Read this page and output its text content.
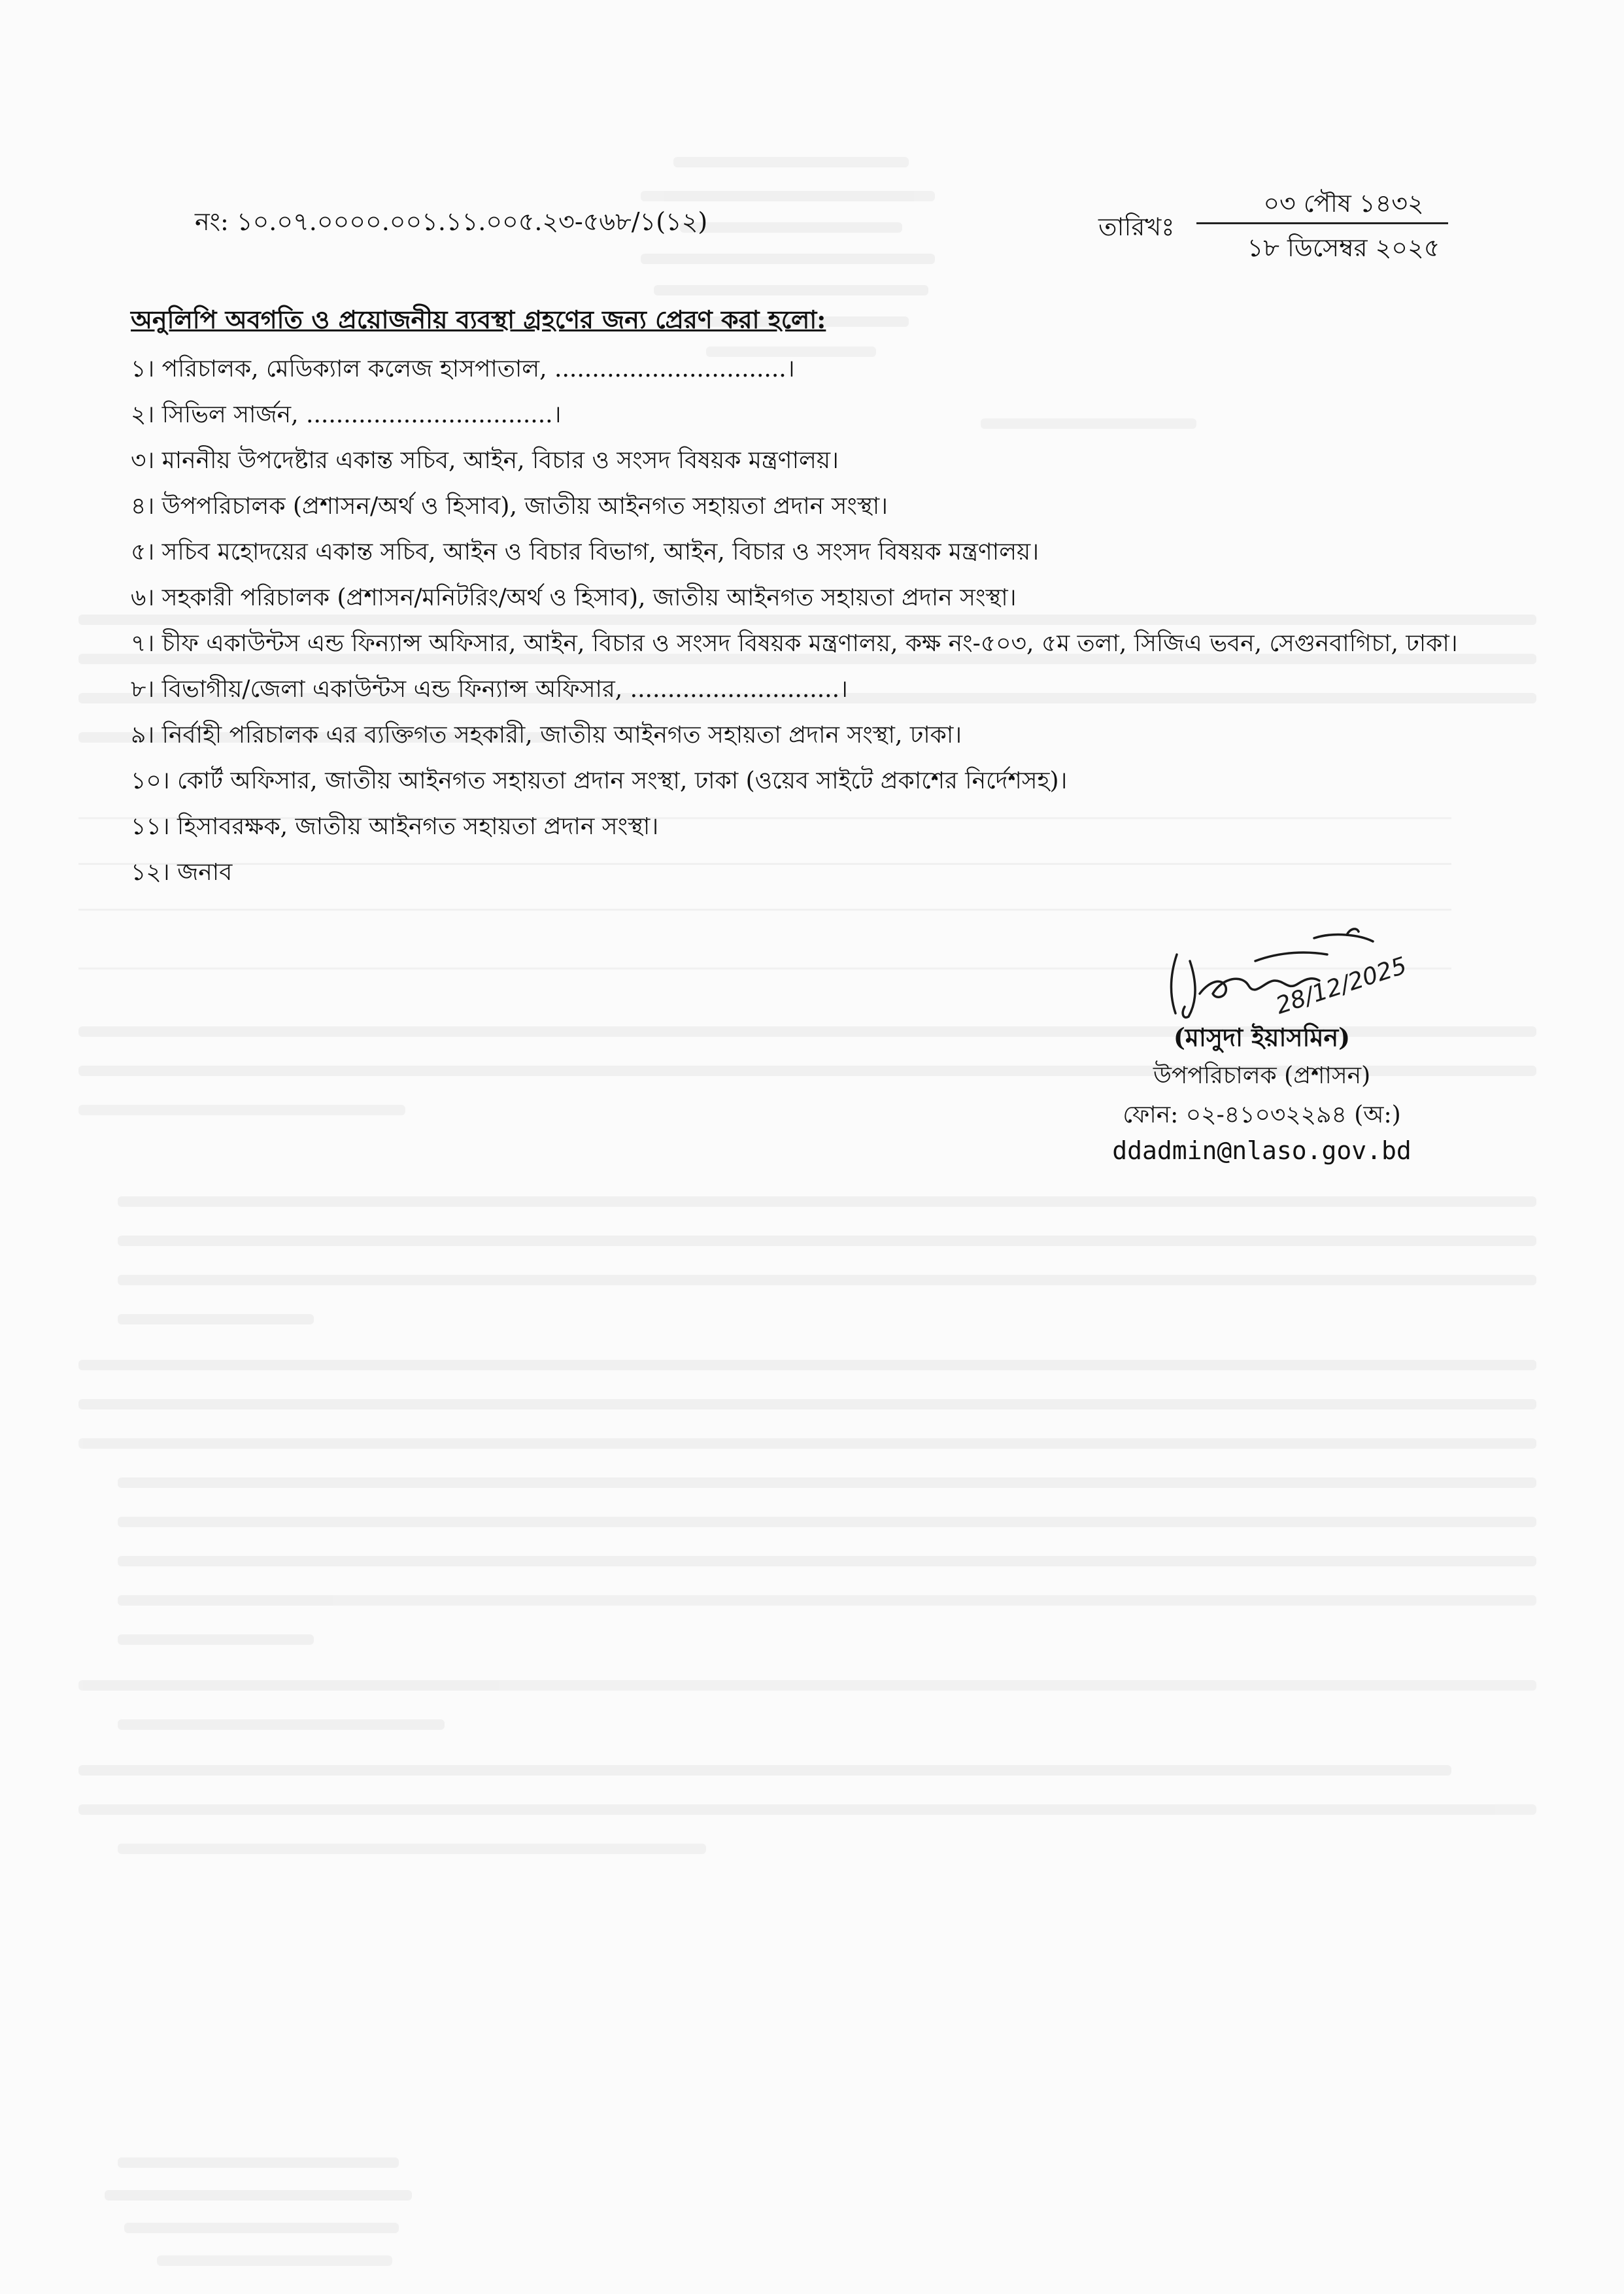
নং: ১০.০৭.০০০০.০০১.১১.০০৫.২৩-৫৬৮/১(১২)	তারিখঃ
০৩ পৌষ ১৪৩২
১৮ ডিসেম্বর ২০২৫
অনুলিপি অবগতি ও প্রয়োজনীয় ব্যবস্থা গ্রহণের জন্য প্রেরণ করা হলো:
১। পরিচালক, মেডিক্যাল কলেজ হাসপাতাল, ...............................।
২। সিভিল সার্জন, .................................।
৩। মাননীয় উপদেষ্টার একান্ত সচিব, আইন, বিচার ও সংসদ বিষয়ক মন্ত্রণালয়।
৪। উপপরিচালক (প্রশাসন/অর্থ ও হিসাব), জাতীয় আইনগত সহায়তা প্রদান সংস্থা।
৫। সচিব মহোদয়ের একান্ত সচিব, আইন ও বিচার বিভাগ, আইন, বিচার ও সংসদ বিষয়ক মন্ত্রণালয়।
৬। সহকারী পরিচালক (প্রশাসন/মনিটরিং/অর্থ ও হিসাব), জাতীয় আইনগত সহায়তা প্রদান সংস্থা।
৭। চীফ একাউন্টস এন্ড ফিন্যান্স অফিসার, আইন, বিচার ও সংসদ বিষয়ক মন্ত্রণালয়, কক্ষ নং-৫০৩, ৫ম তলা, সিজিএ ভবন, সেগুনবাগিচা, ঢাকা।
৮। বিভাগীয়/জেলা একাউন্টস এন্ড ফিন্যান্স অফিসার, ............................।
৯। নির্বাহী পরিচালক এর ব্যক্তিগত সহকারী, জাতীয় আইনগত সহায়তা প্রদান সংস্থা, ঢাকা।
১০। কোর্ট অফিসার, জাতীয় আইনগত সহায়তা প্রদান সংস্থা, ঢাকা (ওয়েব সাইটে প্রকাশের নির্দেশসহ)।
১১। হিসাবরক্ষক, জাতীয় আইনগত সহায়তা প্রদান সংস্থা।
১২। জনাব
28/12/2025
(মাসুদা ইয়াসমিন)
উপপরিচালক (প্রশাসন)
ফোন: ০২-৪১০৩২২৯৪ (অ:)
ddadmin@nlaso.gov.bd
